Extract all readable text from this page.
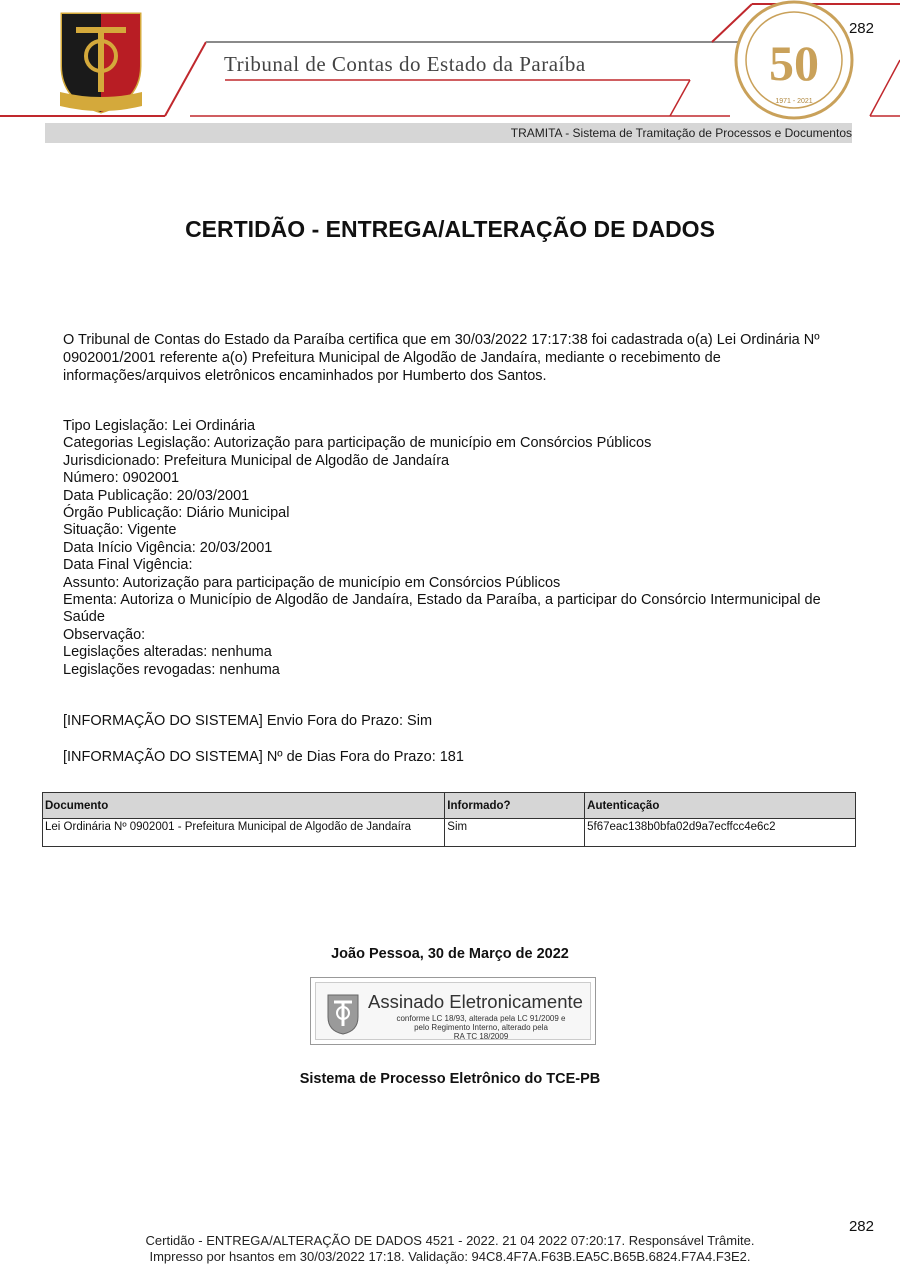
282
50
1971 - 2021
Tribunal de Contas do Estado da Paraíba
TRAMITA - Sistema de Tramitação de Processos e Documentos
CERTIDÃO - ENTREGA/ALTERAÇÃO DE DADOS
O Tribunal de Contas do Estado da Paraíba certifica que em 30/03/2022 17:17:38 foi cadastrada o(a) Lei Ordinária Nº 0902001/2001 referente a(o) Prefeitura Municipal de Algodão de Jandaíra, mediante o recebimento de informações/arquivos eletrônicos encaminhados por Humberto dos Santos.
Tipo Legislação: Lei Ordinária
Categorias Legislação: Autorização para participação de município em Consórcios Públicos
Jurisdicionado: Prefeitura Municipal de Algodão de Jandaíra
Número: 0902001
Data Publicação: 20/03/2001
Órgão Publicação: Diário Municipal
Situação: Vigente
Data Início Vigência: 20/03/2001
Data Final Vigência:
Assunto: Autorização para participação de município em Consórcios Públicos
Ementa: Autoriza o Município de Algodão de Jandaíra, Estado da Paraíba, a participar do Consórcio Intermunicipal de Saúde
Observação:
Legislações alteradas: nenhuma
Legislações revogadas: nenhuma
[INFORMAÇÃO DO SISTEMA] Envio Fora do Prazo: Sim
[INFORMAÇÃO DO SISTEMA] Nº de Dias Fora do Prazo: 181
Documento	Informado?	Autenticação
Lei Ordinária Nº 0902001 - Prefeitura Municipal de Algodão de Jandaíra	Sim	5f67eac138b0bfa02d9a7ecffcc4e6c2
João Pessoa, 30 de Março de 2022
Assinado Eletronicamente
conforme LC 18/93, alterada pela LC 91/2009 e
pelo Regimento Interno, alterado pela
RA TC 18/2009
Sistema de Processo Eletrônico do TCE-PB
282
Certidão - ENTREGA/ALTERAÇÃO DE DADOS 4521 - 2022. 21 04 2022 07:20:17. Responsável Trâmite.
Impresso por hsantos em 30/03/2022 17:18. Validação: 94C8.4F7A.F63B.EA5C.B65B.6824.F7A4.F3E2.
